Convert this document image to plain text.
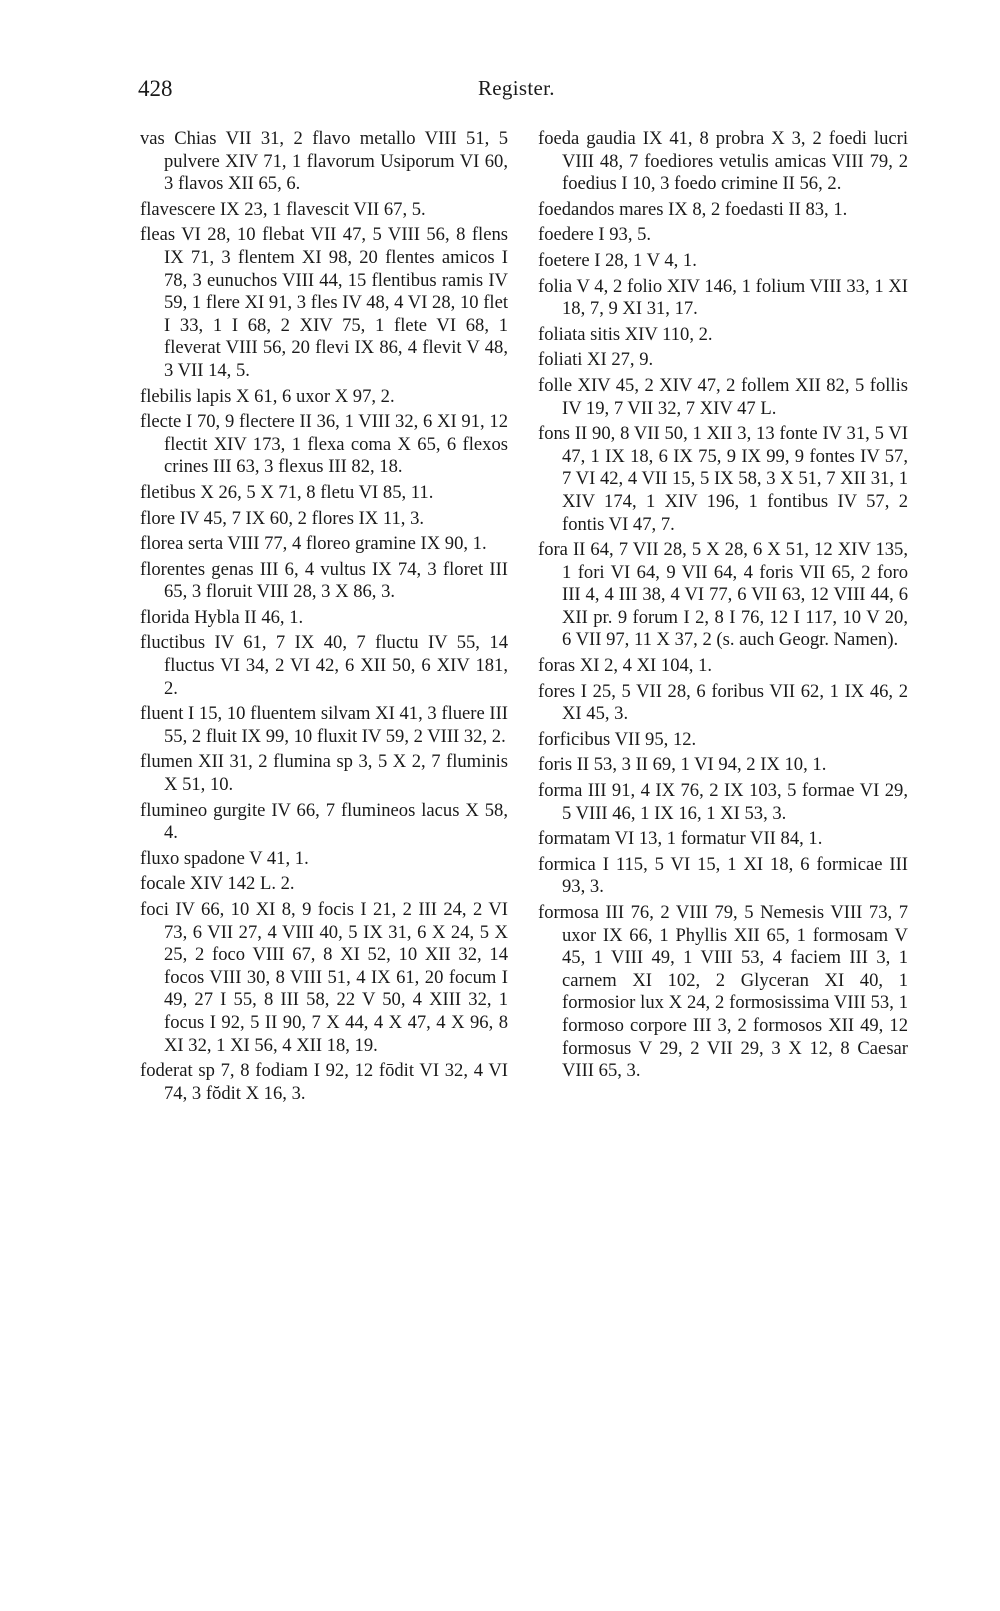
428	Register.

vas Chias VII 31, 2 flavo metallo VIII 51, 5 pulvere XIV 71, 1 flavorum Usiporum VI 60, 3 flavos XII 65, 6.

flavescere IX 23, 1 flavescit VII 67, 5.

fleas VI 28, 10 flebat VII 47, 5 VIII 56, 8 flens IX 71, 3 flentem XI 98, 20 flentes amicos I 78, 3 eunuchos VIII 44, 15 flentibus ramis IV 59, 1 flere XI 91, 3 fles IV 48, 4 VI 28, 10 flet I 33, 1 I 68, 2 XIV 75, 1 flete VI 68, 1 fleverat VIII 56, 20 flevi IX 86, 4 flevit V 48, 3 VII 14, 5.

flebilis lapis X 61, 6 uxor X 97, 2.

flecte I 70, 9 flectere II 36, 1 VIII 32, 6 XI 91, 12 flectit XIV 173, 1 flexa coma X 65, 6 flexos crines III 63, 3 flexus III 82, 18.

fletibus X 26, 5 X 71, 8 fletu VI 85, 11.

flore IV 45, 7 IX 60, 2 flores IX 11, 3.

florea serta VIII 77, 4 floreo gramine IX 90, 1.

florentes genas III 6, 4 vultus IX 74, 3 floret III 65, 3 floruit VIII 28, 3 X 86, 3.

florida Hybla II 46, 1.

fluctibus IV 61, 7 IX 40, 7 fluctu IV 55, 14 fluctus VI 34, 2 VI 42, 6 XII 50, 6 XIV 181, 2.

fluent I 15, 10 fluentem silvam XI 41, 3 fluere III 55, 2 fluit IX 99, 10 fluxit IV 59, 2 VIII 32, 2.

flumen XII 31, 2 flumina sp 3, 5 X 2, 7 fluminis X 51, 10.

flumineo gurgite IV 66, 7 flumineos lacus X 58, 4.

fluxo spadone V 41, 1.

focale XIV 142 L. 2.

foci IV 66, 10 XI 8, 9 focis I 21, 2 III 24, 2 VI 73, 6 VII 27, 4 VIII 40, 5 IX 31, 6 X 24, 5 X 25, 2 foco VIII 67, 8 XI 52, 10 XII 32, 14 focos VIII 30, 8 VIII 51, 4 IX 61, 20 focum I 49, 27 I 55, 8 III 58, 22 V 50, 4 XIII 32, 1 focus I 92, 5 II 90, 7 X 44, 4 X 47, 4 X 96, 8 XI 32, 1 XI 56, 4 XII 18, 19.

foderat sp 7, 8 fodiam I 92, 12 fōdit VI 32, 4 VI 74, 3 fŏdit X 16, 3.

foeda gaudia IX 41, 8 probra X 3, 2 foedi lucri VIII 48, 7 foediores vetulis amicas VIII 79, 2 foedius I 10, 3 foedo crimine II 56, 2.

foedandos mares IX 8, 2 foedasti II 83, 1.

foedere I 93, 5.

foetere I 28, 1 V 4, 1.

folia V 4, 2 folio XIV 146, 1 folium VIII 33, 1 XI 18, 7, 9 XI 31, 17.

foliata sitis XIV 110, 2.

foliati XI 27, 9.

folle XIV 45, 2 XIV 47, 2 follem XII 82, 5 follis IV 19, 7 VII 32, 7 XIV 47 L.

fons II 90, 8 VII 50, 1 XII 3, 13 fonte IV 31, 5 VI 47, 1 IX 18, 6 IX 75, 9 IX 99, 9 fontes IV 57, 7 VI 42, 4 VII 15, 5 IX 58, 3 X 51, 7 XII 31, 1 XIV 174, 1 XIV 196, 1 fontibus IV 57, 2 fontis VI 47, 7.

fora II 64, 7 VII 28, 5 X 28, 6 X 51, 12 XIV 135, 1 fori VI 64, 9 VII 64, 4 foris VII 65, 2 foro III 4, 4 III 38, 4 VI 77, 6 VII 63, 12 VIII 44, 6 XII pr. 9 forum I 2, 8 I 76, 12 I 117, 10 V 20, 6 VII 97, 11 X 37, 2 (s. auch Geogr. Namen).

foras XI 2, 4 XI 104, 1.

fores I 25, 5 VII 28, 6 foribus VII 62, 1 IX 46, 2 XI 45, 3.

forficibus VII 95, 12.

foris II 53, 3 II 69, 1 VI 94, 2 IX 10, 1.

forma III 91, 4 IX 76, 2 IX 103, 5 formae VI 29, 5 VIII 46, 1 IX 16, 1 XI 53, 3.

formatam VI 13, 1 formatur VII 84, 1.

formica I 115, 5 VI 15, 1 XI 18, 6 formicae III 93, 3.

formosa III 76, 2 VIII 79, 5 Nemesis VIII 73, 7 uxor IX 66, 1 Phyllis XII 65, 1 formosam V 45, 1 VIII 49, 1 VIII 53, 4 faciem III 3, 1 carnem XI 102, 2 Glyceran XI 40, 1 formosior lux X 24, 2 formosissima VIII 53, 1 formoso corpore III 3, 2 formosos XII 49, 12 formosus V 29, 2 VII 29, 3 X 12, 8 Caesar VIII 65, 3.
